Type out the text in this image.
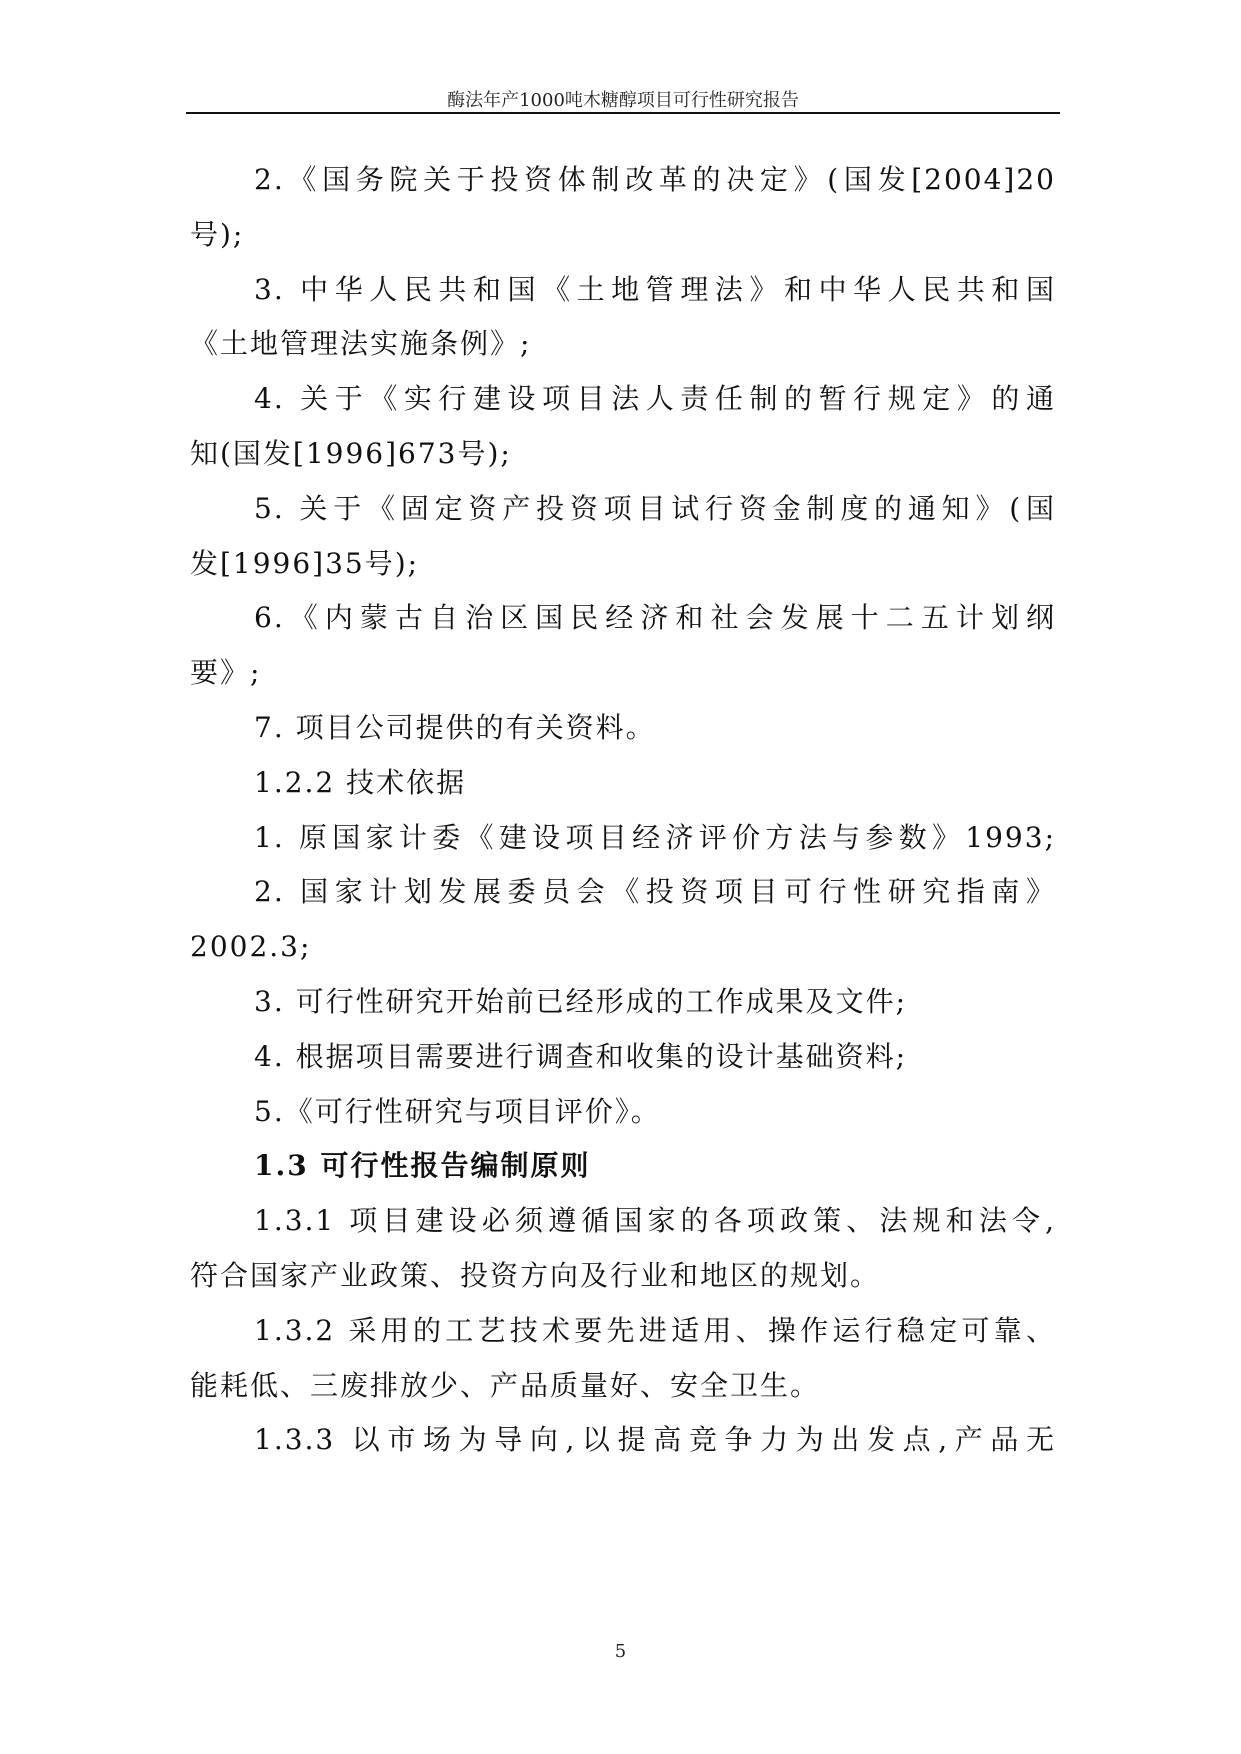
酶法年产1000吨木糖醇项目可行性研究报告
2.《国务院关于投资体制改革的决定》(国发[2004]20
号);
3. 中华人民共和国《土地管理法》和中华人民共和国
《土地管理法实施条例》;
4. 关于《实行建设项目法人责任制的暂行规定》的通
知(国发[1996]673号);
5. 关于《固定资产投资项目试行资金制度的通知》(国
发[1996]35号);
6.《内蒙古自治区国民经济和社会发展十二五计划纲
要》;
7. 项目公司提供的有关资料。
1.2.2 技术依据
1. 原国家计委《建设项目经济评价方法与参数》1993;
2. 国家计划发展委员会《投资项目可行性研究指南》
2002.3;
3. 可行性研究开始前已经形成的工作成果及文件;
4. 根据项目需要进行调查和收集的设计基础资料;
5.《可行性研究与项目评价》。
1.3 可行性报告编制原则
1.3.1 项目建设必须遵循国家的各项政策、法规和法令,
符合国家产业政策、投资方向及行业和地区的规划。
1.3.2 采用的工艺技术要先进适用、操作运行稳定可靠、
能耗低、三废排放少、产品质量好、安全卫生。
1.3.3 以市场为导向,以提高竞争力为出发点,产品无
5
